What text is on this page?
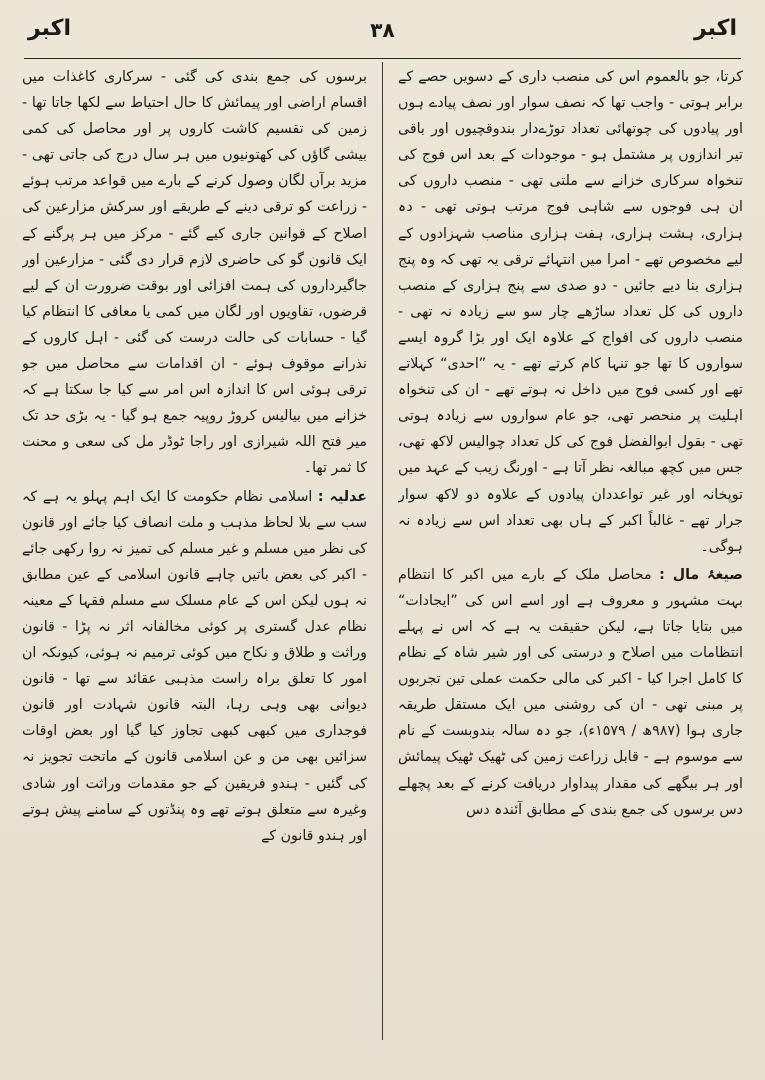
اکبر	۳۸	اکبر

کرتا، جو بالعموم اس کی منصب داری کے دسویں حصے کے برابر ہوتی - واجب تھا کہ نصف سوار اور نصف پیادے ہوں اور پیادوں کی چوتھائی تعداد توڑےدار بندوقچیوں اور باقی تیر اندازوں پر مشتمل ہو - موجودات کے بعد اس فوج کی تنخواہ سرکاری خزانے سے ملتی تھی - منصب داروں کی ان ہی فوجوں سے شاہی فوج مرتب ہوتی تھی - دہ ہزاری، ہشت ہزاری، ہفت ہزاری مناصب شہزادوں کے لیے مخصوص تھے - امرا میں انتہائے ترقی یہ تھی کہ وہ پنج ہزاری بنا دیے جائیں - دو صدی سے پنج ہزاری کے منصب داروں کی کل تعداد ساڑھے چار سو سے زیادہ نہ تھی - منصب داروں کی افواج کے علاوہ ایک اور بڑا گروہ ایسے سواروں کا تھا جو تنہا کام کرتے تھے - یہ ”احدی“ کہلاتے تھے اور کسی فوج میں داخل نہ ہوتے تھے - ان کی تنخواہ اہلیت پر منحصر تھی، جو عام سواروں سے زیادہ ہوتی تھی - بقول ابوالفضل فوج کی کل تعداد چوالیس لاکھ تھی، جس میں کچھ مبالغہ نظر آتا ہے - اورنگ زیب کے عہد میں توپخانہ اور غیر تواعددان پیادوں کے علاوہ دو لاکھ سوار جرار تھے - غالباً اکبر کے ہاں بھی تعداد اس سے زیادہ نہ ہوگی۔

صیغۂ مال : محاصل ملک کے بارے میں اکبر کا انتظام بہت مشہور و معروف ہے اور اسے اس کی ”ایجادات“ میں بتایا جاتا ہے، لیکن حقیقت یہ ہے کہ اس نے پہلے انتظامات میں اصلاح و درستی کی اور شیر شاہ کے نظام کا کامل اجرا کیا - اکبر کی مالی حکمت عملی تین تجربوں پر مبنی تھی - ان کی روشنی میں ایک مستقل طریقہ جاری ہوا (۹۸۷ھ / ۱۵۷۹ء)، جو دہ سالہ بندوبست کے نام سے موسوم ہے - قابل زراعت زمین کی ٹھیک ٹھیک پیمائش اور ہر بیگھے کی مقدار پیداوار دریافت کرنے کے بعد پچھلے دس برسوں کی جمع بندی کے مطابق آئندہ دس

برسوں کی جمع بندی کی گئی - سرکاری کاغذات میں اقسام اراضی اور پیمائش کا حال احتیاط سے لکھا جاتا تھا - زمین کی تقسیم کاشت کاروں پر اور محاصل کی کمی بیشی گاؤں کی کھتونیوں میں ہر سال درج کی جاتی تھی - مزید برآں لگان وصول کرنے کے بارے میں قواعد مرتب ہوئے - زراعت کو ترقی دینے کے طریقے اور سرکش مزارعین کی اصلاح کے قوانین جاری کیے گئے - مرکز میں ہر پرگنے کے ایک قانون گو کی حاضری لازم قرار دی گئی - مزارعین اور جاگیرداروں کی ہمت افزائی اور بوقت ضرورت ان کے لیے قرضوں، تقاویوں اور لگان میں کمی یا معافی کا انتظام کیا گیا - حسابات کی حالت درست کی گئی - اہل کاروں کے نذرانے موقوف ہوئے - ان اقدامات سے محاصل میں جو ترقی ہوئی اس کا اندازہ اس امر سے کیا جا سکتا ہے کہ خزانے میں بیالیس کروڑ روپیہ جمع ہو گیا - یہ بڑی حد تک میر فتح اللہ شیرازی اور راجا ٹوڈر مل کی سعی و محنت کا ثمر تھا۔

عدلیہ : اسلامی نظام حکومت کا ایک اہم پہلو یہ ہے کہ سب سے بلا لحاظ مذہب و ملت انصاف کیا جائے اور قانون کی نظر میں مسلم و غیر مسلم کی تمیز نہ روا رکھی جائے - اکبر کی بعض باتیں چاہے قانون اسلامی کے عین مطابق نہ ہوں لیکن اس کے عام مسلک سے مسلم فقہا کے معینہ نظام عدل گستری پر کوئی مخالفانہ اثر نہ پڑا - قانون وراثت و طلاق و نکاح میں کوئی ترمیم نہ ہوئی، کیونکہ ان امور کا تعلق براہ راست مذہبی عقائد سے تھا - قانون دیوانی بھی وہی رہا، البتہ قانون شہادت اور قانون فوجداری میں کبھی کبھی تجاوز کیا گیا اور بعض اوقات سزائیں بھی من و عن اسلامی قانون کے ماتحت تجویز نہ کی گئیں - ہندو فریقین کے جو مقدمات وراثت اور شادی وغیرہ سے متعلق ہوتے تھے وہ پنڈتوں کے سامنے پیش ہوتے اور ہندو قانون کے
